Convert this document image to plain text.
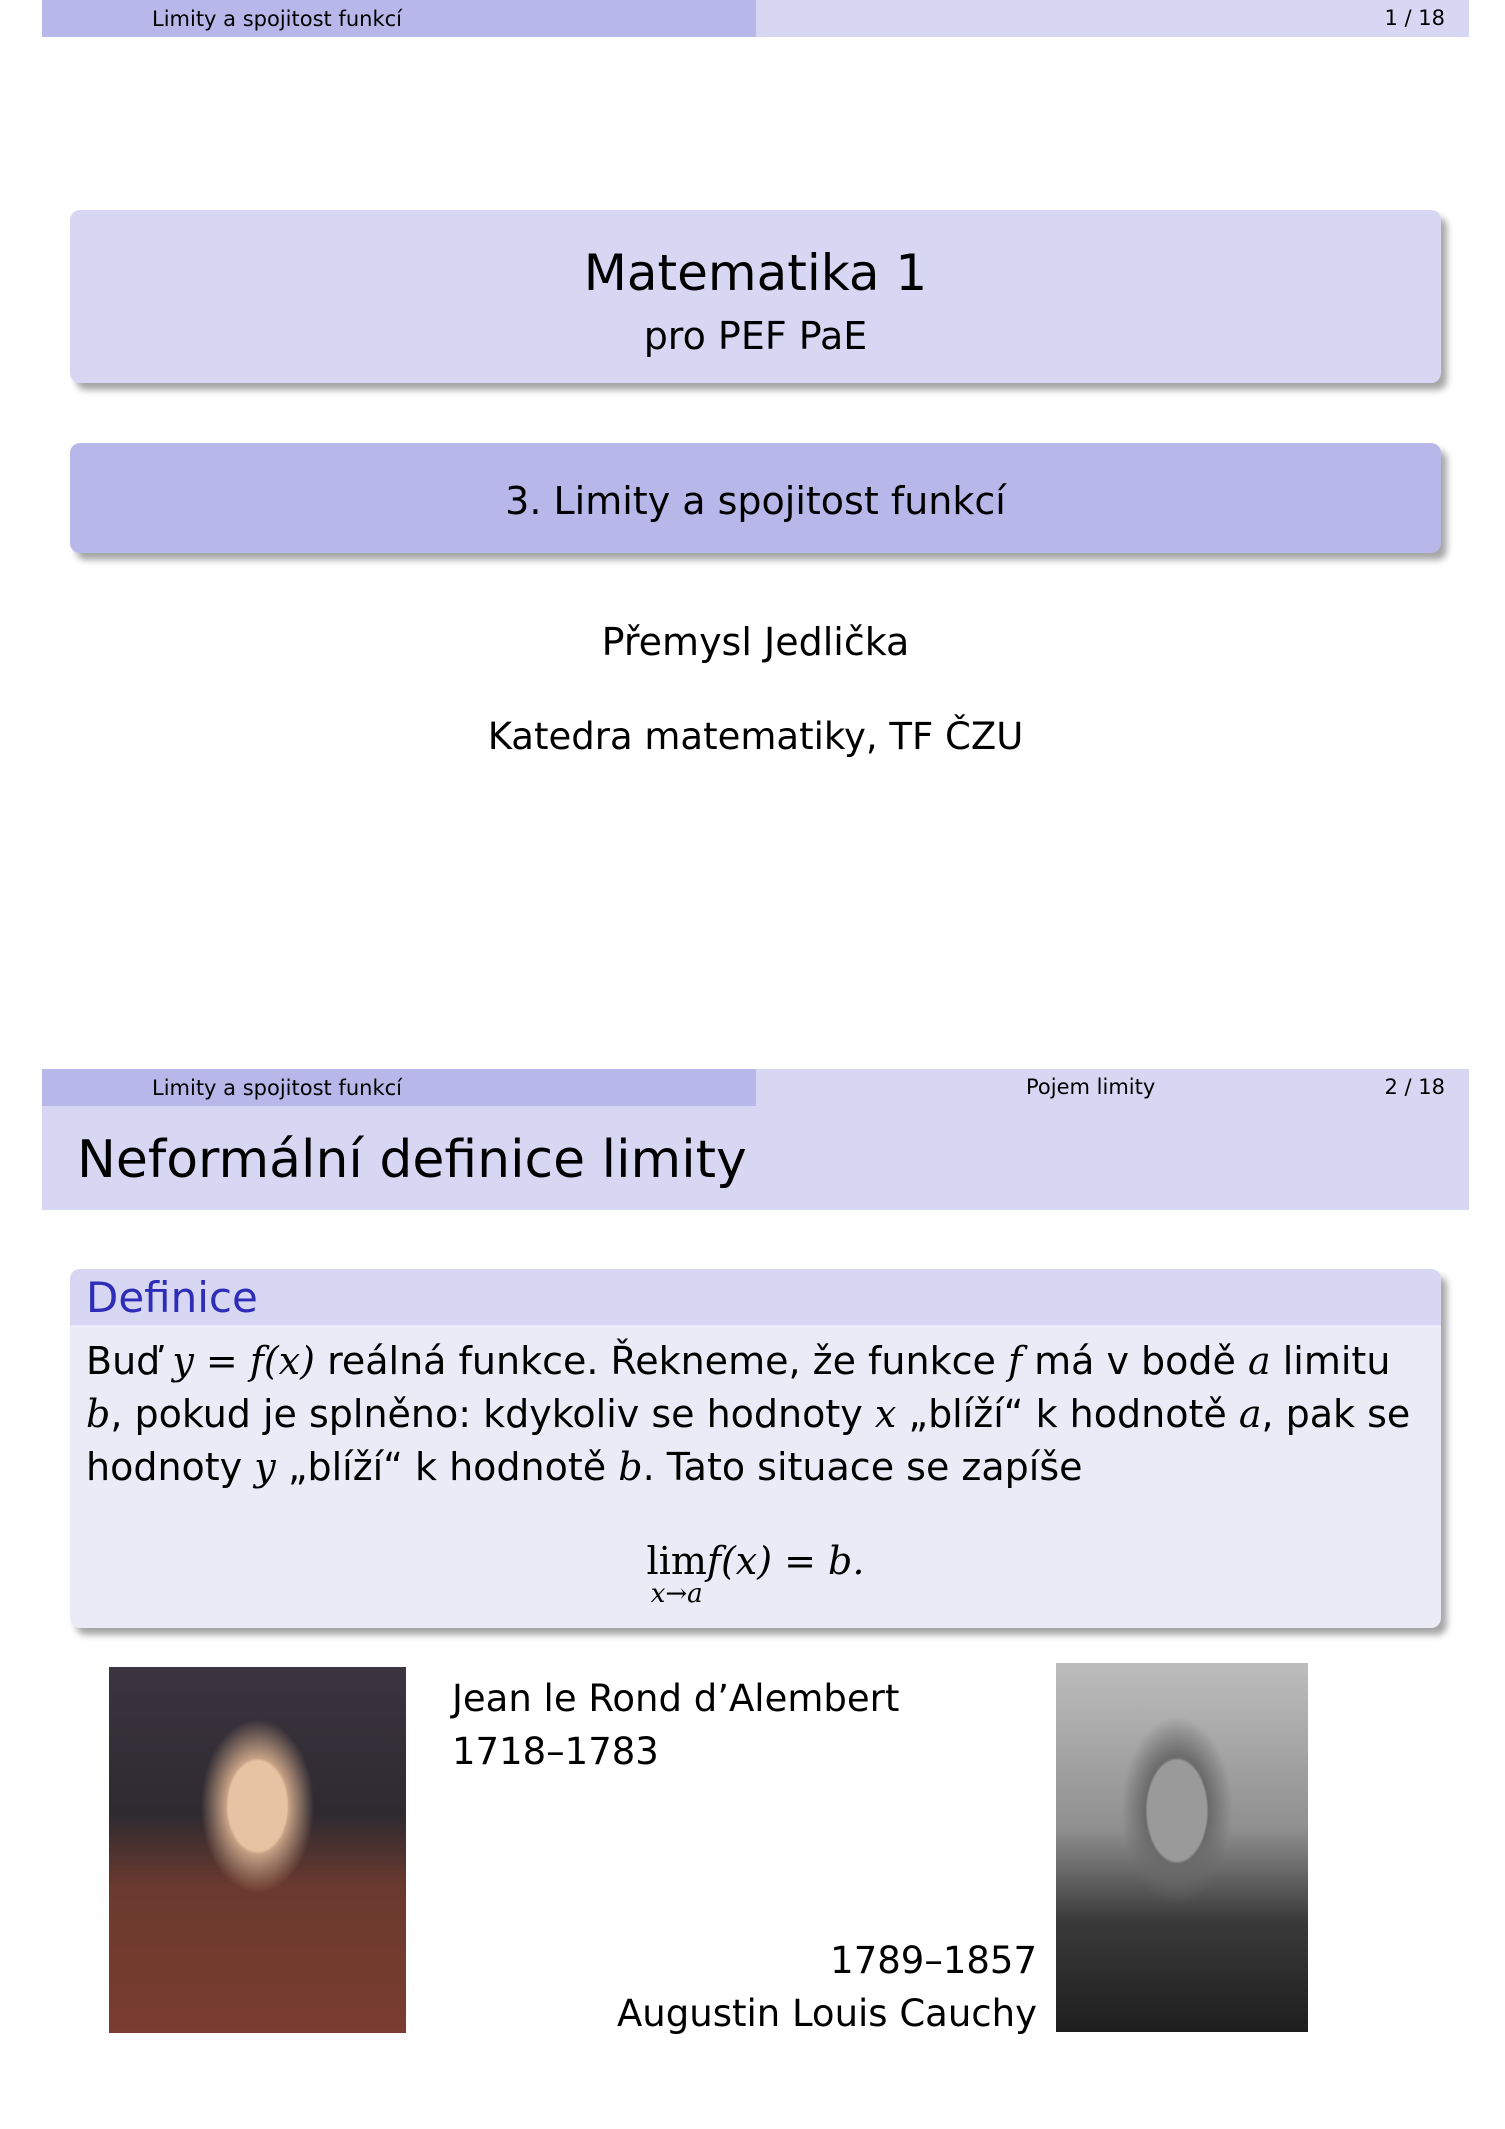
Limity a spojitost funkcí	1 / 18
Matematika 1
pro PEF PaE
3. Limity a spojitost funkcí
Přemysl Jedlička
Katedra matematiky, TF ČZU
Limity a spojitost funkcí	Pojem limity	2 / 18
Neformální definice limity
Definice
Buď y = f(x) reálná funkce. Řekneme, že funkce f má v bodě a limitu b, pokud je splněno: kdykoliv se hodnoty x „blíží“ k hodnotě a, pak se hodnoty y „blíží“ k hodnotě b. Tato situace se zapíše
lim
x→a
f(x) = b.
Jean le Rond d’Alembert
1718–1783
1789–1857
Augustin Louis Cauchy
